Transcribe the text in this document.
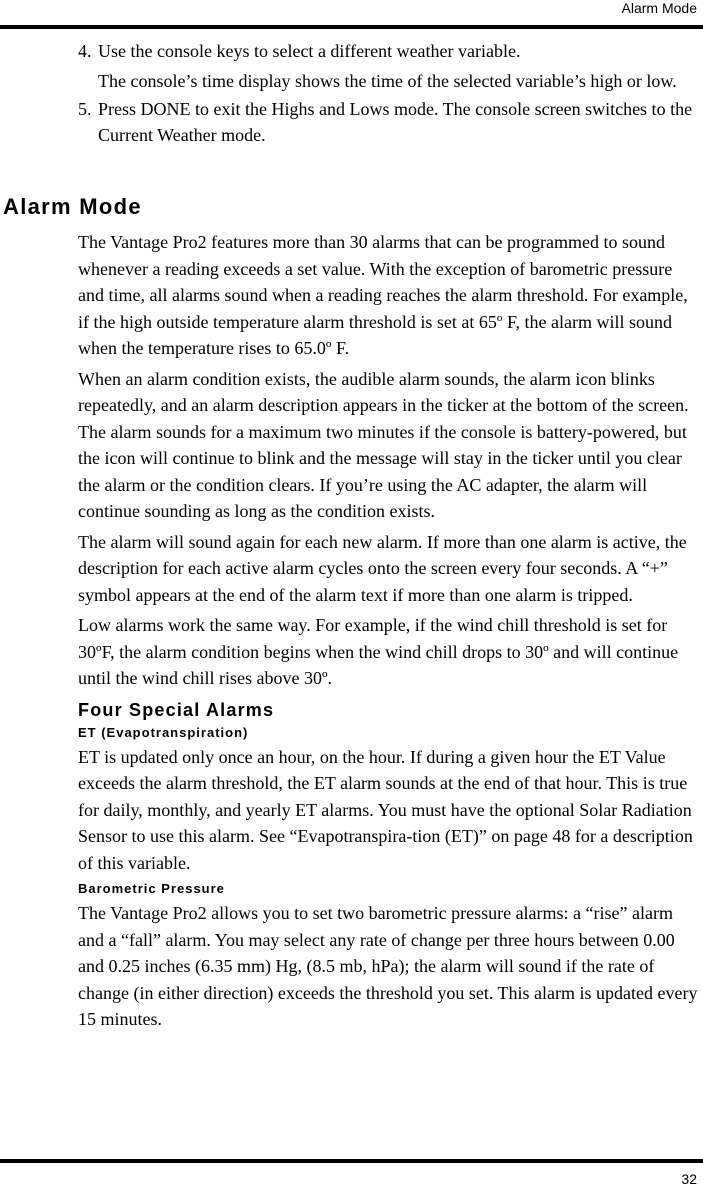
Alarm Mode
4. Use the console keys to select a different weather variable.
The console’s time display shows the time of the selected variable’s high or low.
5. Press DONE to exit the Highs and Lows mode. The console screen switches to the Current Weather mode.
Alarm Mode

The Vantage Pro2 features more than 30 alarms that can be programmed to sound whenever a reading exceeds a set value. With the exception of barometric pressure and time, all alarms sound when a reading reaches the alarm threshold. For example, if the high outside temperature alarm threshold is set at 65º F, the alarm will sound when the temperature rises to 65.0º F.

When an alarm condition exists, the audible alarm sounds, the alarm icon blinks repeatedly, and an alarm description appears in the ticker at the bottom of the screen. The alarm sounds for a maximum two minutes if the console is battery-powered, but the icon will continue to blink and the message will stay in the ticker until you clear the alarm or the condition clears. If you’re using the AC adapter, the alarm will continue sounding as long as the condition exists.

The alarm will sound again for each new alarm. If more than one alarm is active, the description for each active alarm cycles onto the screen every four seconds. A “+” symbol appears at the end of the alarm text if more than one alarm is tripped.

Low alarms work the same way. For example, if the wind chill threshold is set for 30ºF, the alarm condition begins when the wind chill drops to 30º and will continue until the wind chill rises above 30º.

Four Special Alarms
ET (Evapotranspiration)

ET is updated only once an hour, on the hour. If during a given hour the ET Value exceeds the alarm threshold, the ET alarm sounds at the end of that hour. This is true for daily, monthly, and yearly ET alarms. You must have the optional Solar Radiation Sensor to use this alarm. See “Evapotranspira-tion (ET)” on page 48 for a description of this variable.

Barometric Pressure

The Vantage Pro2 allows you to set two barometric pressure alarms: a “rise” alarm and a “fall” alarm. You may select any rate of change per three hours between 0.00 and 0.25 inches (6.35 mm) Hg, (8.5 mb, hPa); the alarm will sound if the rate of change (in either direction) exceeds the threshold you set. This alarm is updated every 15 minutes.

32
